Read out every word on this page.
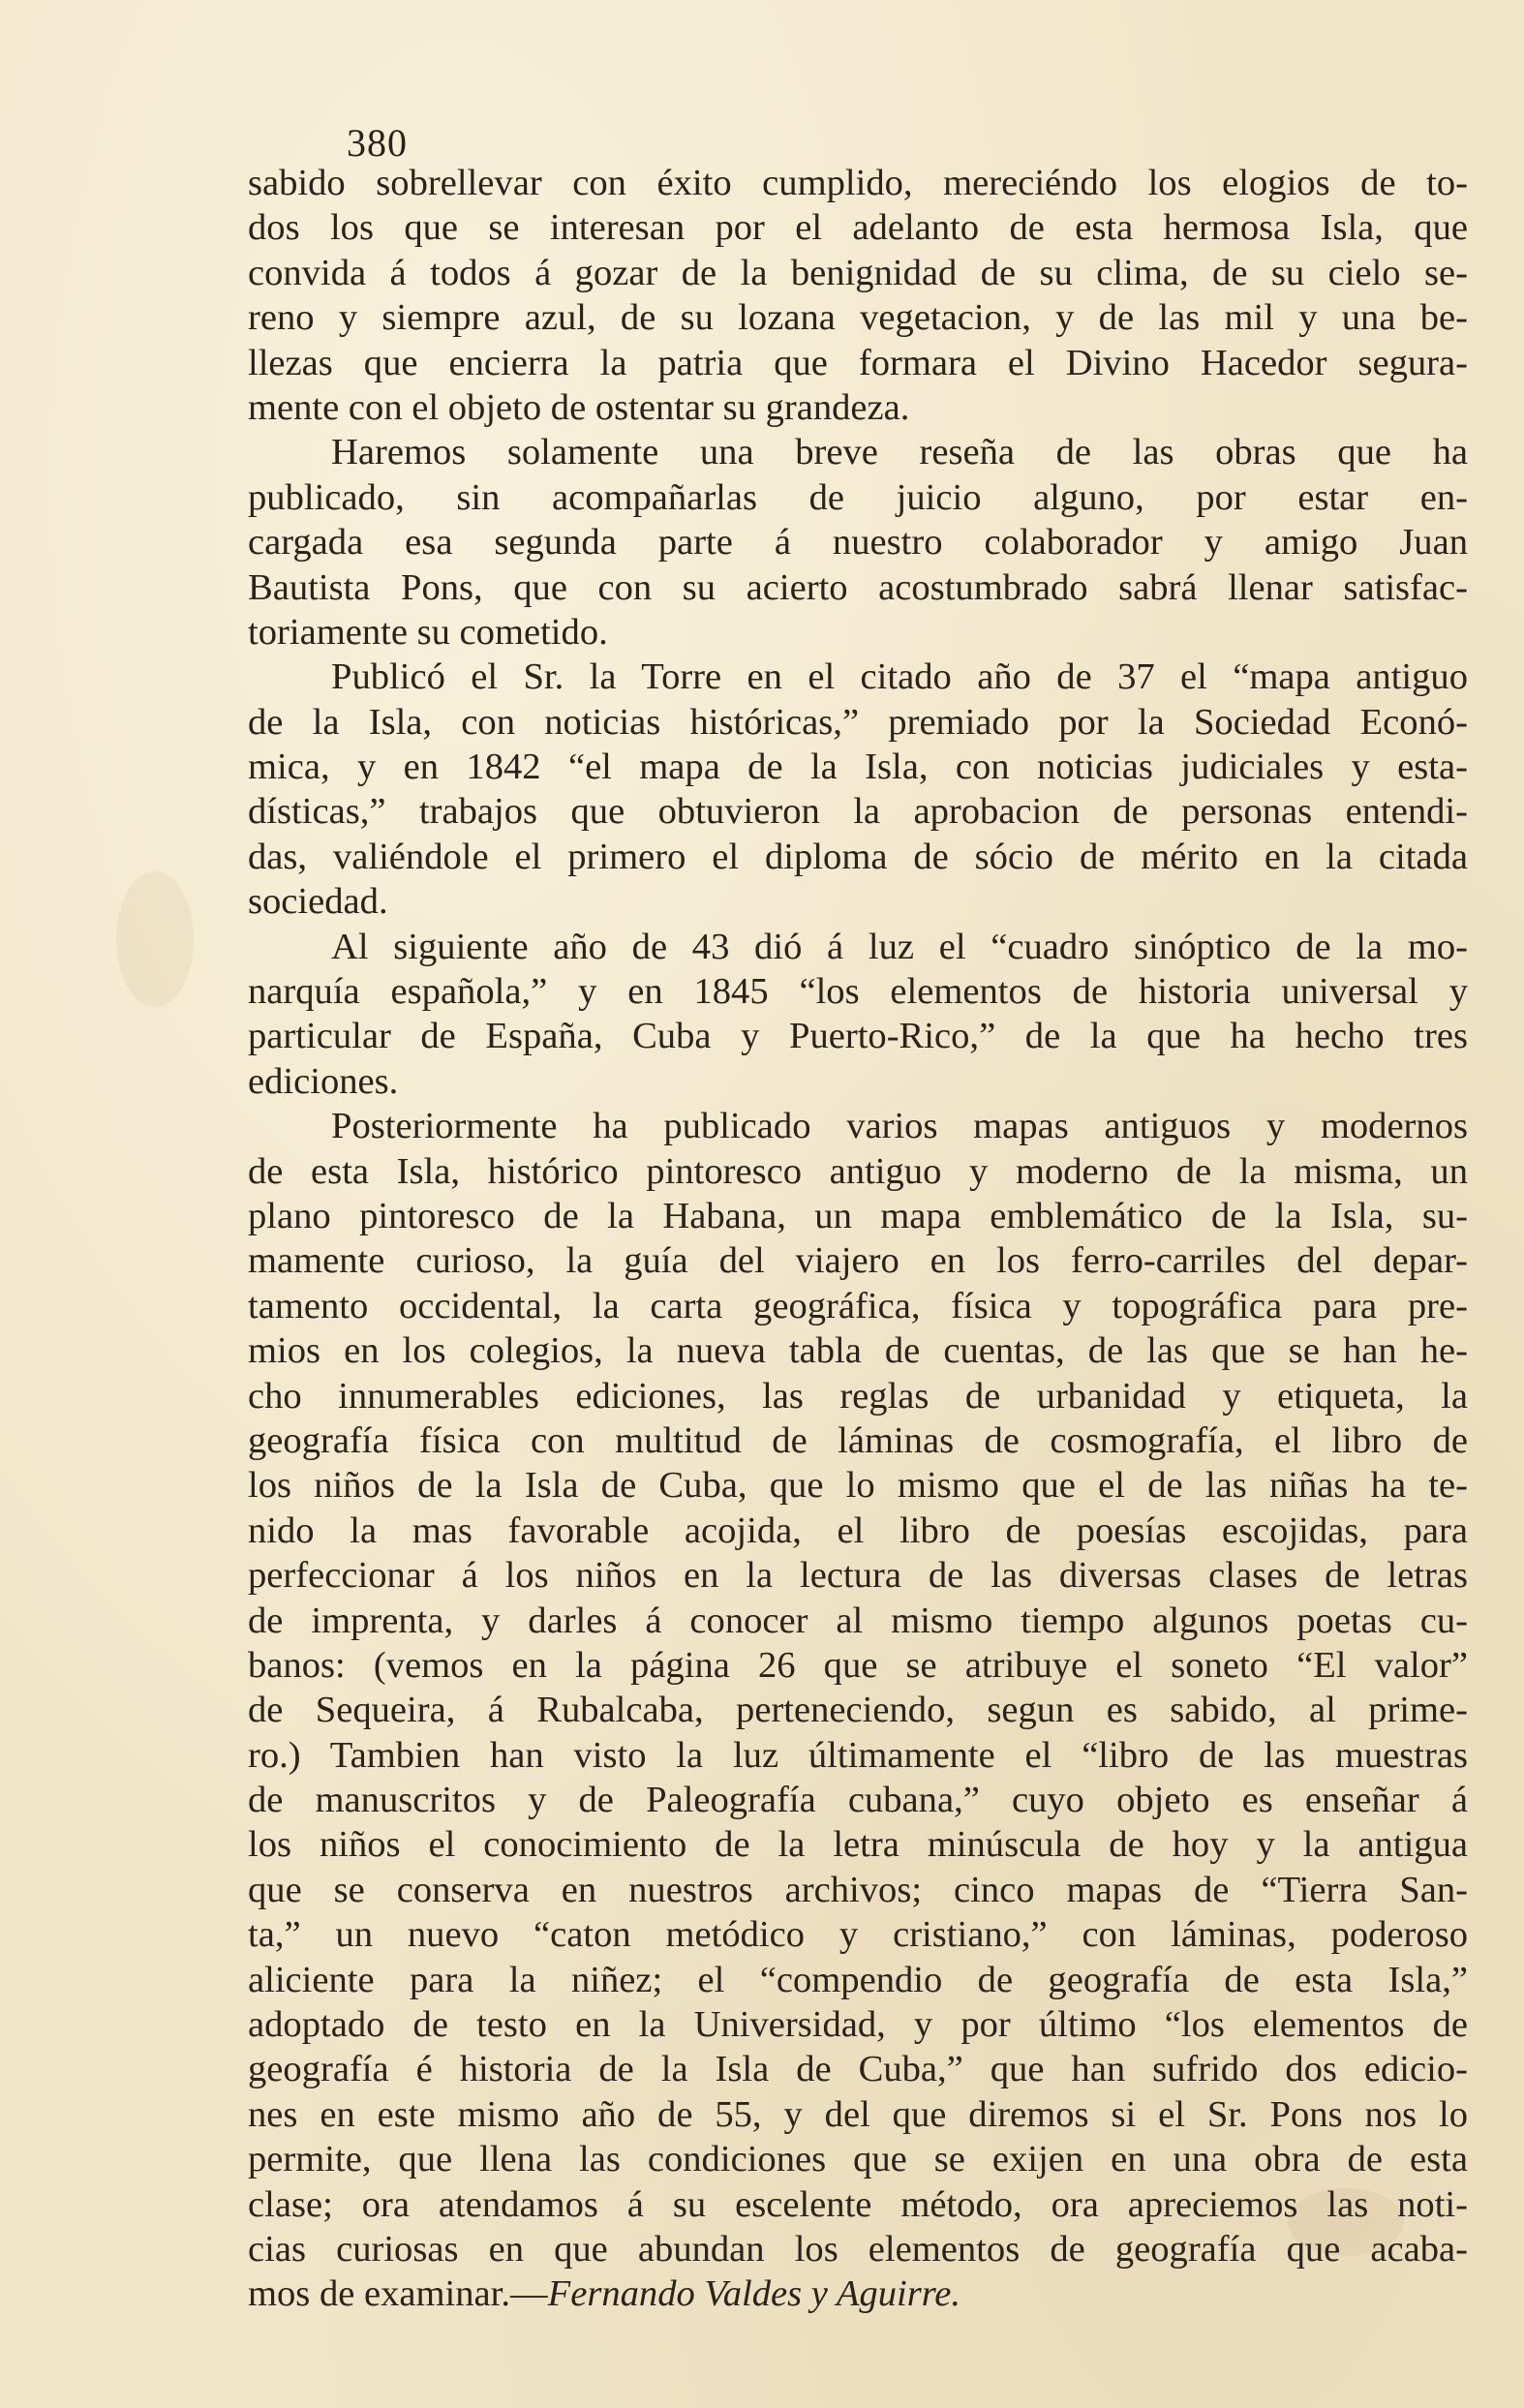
380
sabido sobrellevar con éxito cumplido, mereciéndo los elogios de to-
dos los que se interesan por el adelanto de esta hermosa Isla, que
convida á todos á gozar de la benignidad de su clima, de su cielo se-
reno y siempre azul, de su lozana vegetacion, y de las mil y una be-
llezas que encierra la patria que formara el Divino Hacedor segura-
mente con el objeto de ostentar su grandeza.
Haremos solamente una breve reseña de las obras que ha
publicado, sin acompañarlas de juicio alguno, por estar en-
cargada esa segunda parte á nuestro colaborador y amigo Juan
Bautista Pons, que con su acierto acostumbrado sabrá llenar satisfac-
toriamente su cometido.
Publicó el Sr. la Torre en el citado año de 37 el “mapa antiguo
de la Isla, con noticias históricas,” premiado por la Sociedad Econó-
mica, y en 1842 “el mapa de la Isla, con noticias judiciales y esta-
dísticas,” trabajos que obtuvieron la aprobacion de personas entendi-
das, valiéndole el primero el diploma de sócio de mérito en la citada
sociedad.
Al siguiente año de 43 dió á luz el “cuadro sinóptico de la mo-
narquía española,” y en 1845 “los elementos de historia universal y
particular de España, Cuba y Puerto-Rico,” de la que ha hecho tres
ediciones.
Posteriormente ha publicado varios mapas antiguos y modernos
de esta Isla, histórico pintoresco antiguo y moderno de la misma, un
plano pintoresco de la Habana, un mapa emblemático de la Isla, su-
mamente curioso, la guía del viajero en los ferro-carriles del depar-
tamento occidental, la carta geográfica, física y topográfica para pre-
mios en los colegios, la nueva tabla de cuentas, de las que se han he-
cho innumerables ediciones, las reglas de urbanidad y etiqueta, la
geografía física con multitud de láminas de cosmografía, el libro de
los niños de la Isla de Cuba, que lo mismo que el de las niñas ha te-
nido la mas favorable acojida, el libro de poesías escojidas, para
perfeccionar á los niños en la lectura de las diversas clases de letras
de imprenta, y darles á conocer al mismo tiempo algunos poetas cu-
banos: (vemos en la página 26 que se atribuye el soneto “El valor”
de Sequeira, á Rubalcaba, perteneciendo, segun es sabido, al prime-
ro.) Tambien han visto la luz últimamente el “libro de las muestras
de manuscritos y de Paleografía cubana,” cuyo objeto es enseñar á
los niños el conocimiento de la letra minúscula de hoy y la antigua
que se conserva en nuestros archivos; cinco mapas de “Tierra San-
ta,” un nuevo “caton metódico y cristiano,” con láminas, poderoso
aliciente para la niñez; el “compendio de geografía de esta Isla,”
adoptado de testo en la Universidad, y por último “los elementos de
geografía é historia de la Isla de Cuba,” que han sufrido dos edicio-
nes en este mismo año de 55, y del que diremos si el Sr. Pons nos lo
permite, que llena las condiciones que se exijen en una obra de esta
clase; ora atendamos á su escelente método, ora apreciemos las noti-
cias curiosas en que abundan los elementos de geografía que acaba-
mos de examinar.—Fernando Valdes y Aguirre.
